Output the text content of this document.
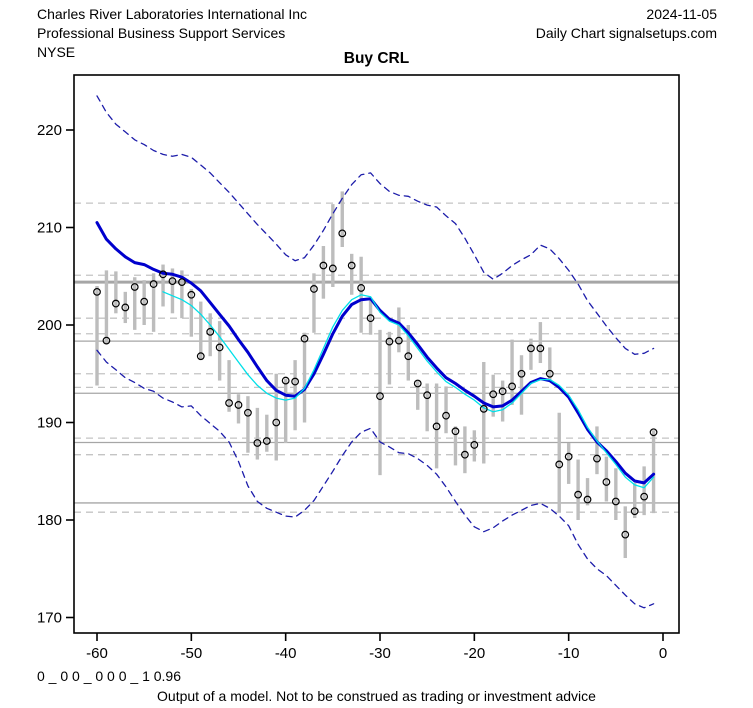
Charles River Laboratories International Inc
Professional Business Support Services
NYSE
2024-11-05
Daily Chart signalsetups.com
Buy CRL
-60	-50	-40	-30	-20	-10	0
170
180
190
200
210
220
0 _ 0 0 _ 0 0 0 _ 1 0.96
Output of a model. Not to be construed as trading or investment advice
